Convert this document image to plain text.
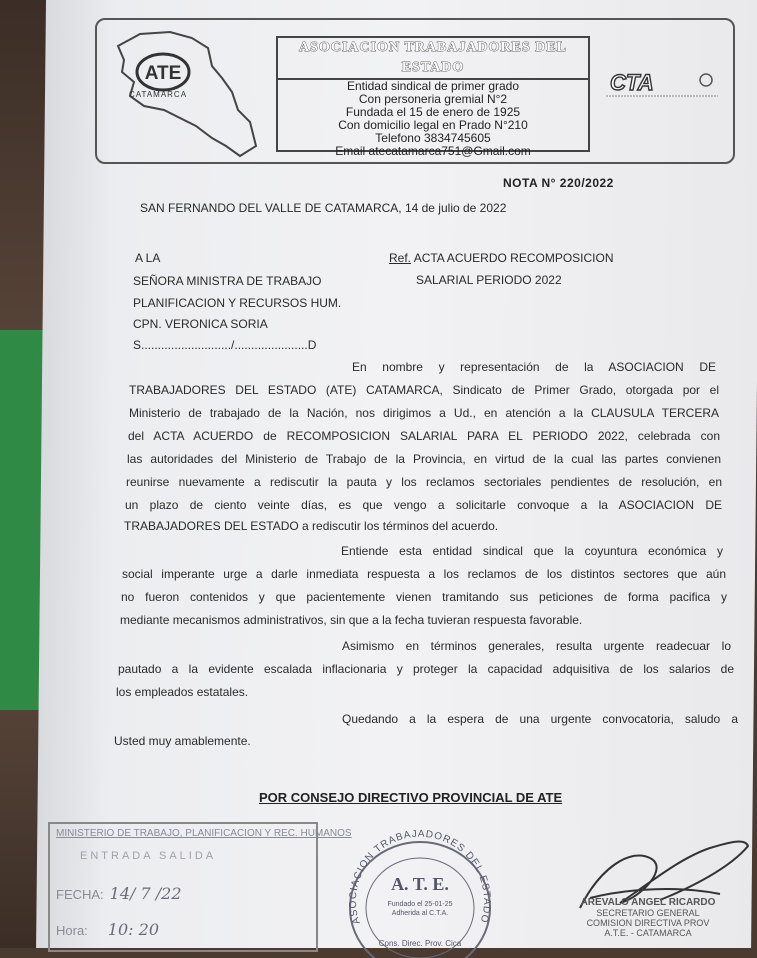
ATE
CATAMARCA
ASOCIACION TRABAJADORES DEL ESTADO
Entidad sindical de primer grado
Con personeria gremial N°2
Fundada el 15 de enero de 1925
Con domicilio legal en Prado N°210
Telefono 3834745605
Email atecatamarca751@Gmail.com
CTA
NOTA N° 220/2022
SAN FERNANDO DEL VALLE DE CATAMARCA, 14 de julio de 2022
A LA
SEÑORA MINISTRA DE TRABAJO
PLANIFICACION Y RECURSOS HUM.
CPN. VERONICA SORIA
S.........................../......................D
Ref. ACTA ACUERDO RECOMPOSICION
SALARIAL PERIODO 2022
En nombre y representación de la ASOCIACION DE
TRABAJADORES DEL ESTADO (ATE) CATAMARCA, Sindicato de Primer Grado, otorgada por el
Ministerio de trabajado de la Nación, nos dirigimos a Ud., en atención a la CLAUSULA TERCERA
del ACTA ACUERDO de RECOMPOSICION SALARIAL PARA EL PERIODO 2022, celebrada con
las autoridades del Ministerio de Trabajo de la Provincia, en virtud de la cual las partes convienen
reunirse nuevamente a rediscutir la pauta y los reclamos sectoriales pendientes de resolución, en
un plazo de ciento veinte días, es que vengo a solicitarle convoque a la ASOCIACION DE
TRABAJADORES DEL ESTADO a rediscutir los términos del acuerdo.
Entiende esta entidad sindical que la coyuntura económica y
social imperante urge a darle inmediata respuesta a los reclamos de los distintos sectores que aún
no fueron contenidos y que pacientemente vienen tramitando sus peticiones de forma pacifica y
mediante mecanismos administrativos, sin que a la fecha tuvieran respuesta favorable.
Asimismo en términos generales, resulta urgente readecuar lo
pautado a la evidente escalada inflacionaria y proteger la capacidad adquisitiva de los salarios de
los empleados estatales.
Quedando a la espera de una urgente convocatoria, saludo a
Usted muy amablemente.
POR CONSEJO DIRECTIVO PROVINCIAL DE ATE
MINISTERIO DE TRABAJO, PLANIFICACION Y REC. HUMANOS
ENTRADA SALIDA
FECHA: 14/ 7 /22
Hora: 10: 20	ASOCIACION TRABAJADORES DEL ESTADO
A. T. E.
Fundado el 25-01-25
Adherida al C.T.A.
Cons. Direc. Prov. Cica
AREVALO ANGEL RICARDO
SECRETARIO GENERAL
COMISION DIRECTIVA PROV
A.T.E. - CATAMARCA
